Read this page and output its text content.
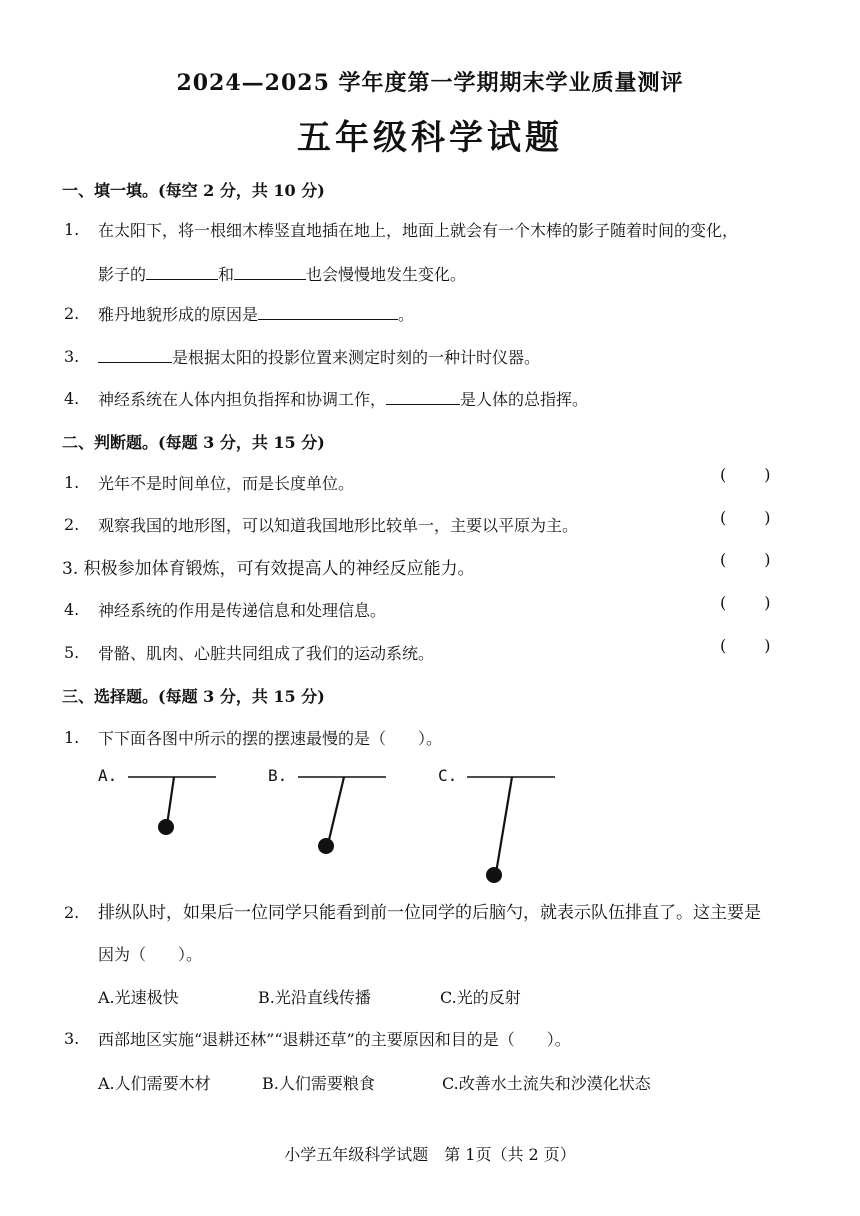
2024—2025 学年度第一学期期末学业质量测评
五年级科学试题
一、填一填。(每空 2 分，共 10 分)
1. 在太阳下，将一根细木棒竖直地插在地上，地面上就会有一个木棒的影子随着时间的变化，
影子的	和	也会慢慢地发生变化。
2. 雅丹地貌形成的原因是	。
3.	是根据太阳的投影位置来测定时刻的一种计时仪器。
4. 神经系统在人体内担负指挥和协调工作，	是人体的总指挥。
二、判断题。(每题 3 分，共 15 分)
1. 光年不是时间单位，而是长度单位。	()
2. 观察我国的地形图，可以知道我国地形比较单一，主要以平原为主。	()
3. 积极参加体育锻炼，可有效提高人的神经反应能力。	()
4. 神经系统的作用是传递信息和处理信息。	()
5. 骨骼、肌肉、心脏共同组成了我们的运动系统。	()
三、选择题。(每题 3 分，共 15 分)
1. 下下面各图中所示的摆的摆速最慢的是（　　）。
A.	B.	C.
2. 排纵队时，如果后一位同学只能看到前一位同学的后脑勺，就表示队伍排直了。这主要是
因为（　　）。
A.光速极快	B.光沿直线传播	C.光的反射
3. 西部地区实施“退耕还林”“退耕还草”的主要原因和目的是（　　）。
A.人们需要木材	B.人们需要粮食	C.改善水土流失和沙漠化状态
小学五年级科学试题　第 1页（共 2 页）
